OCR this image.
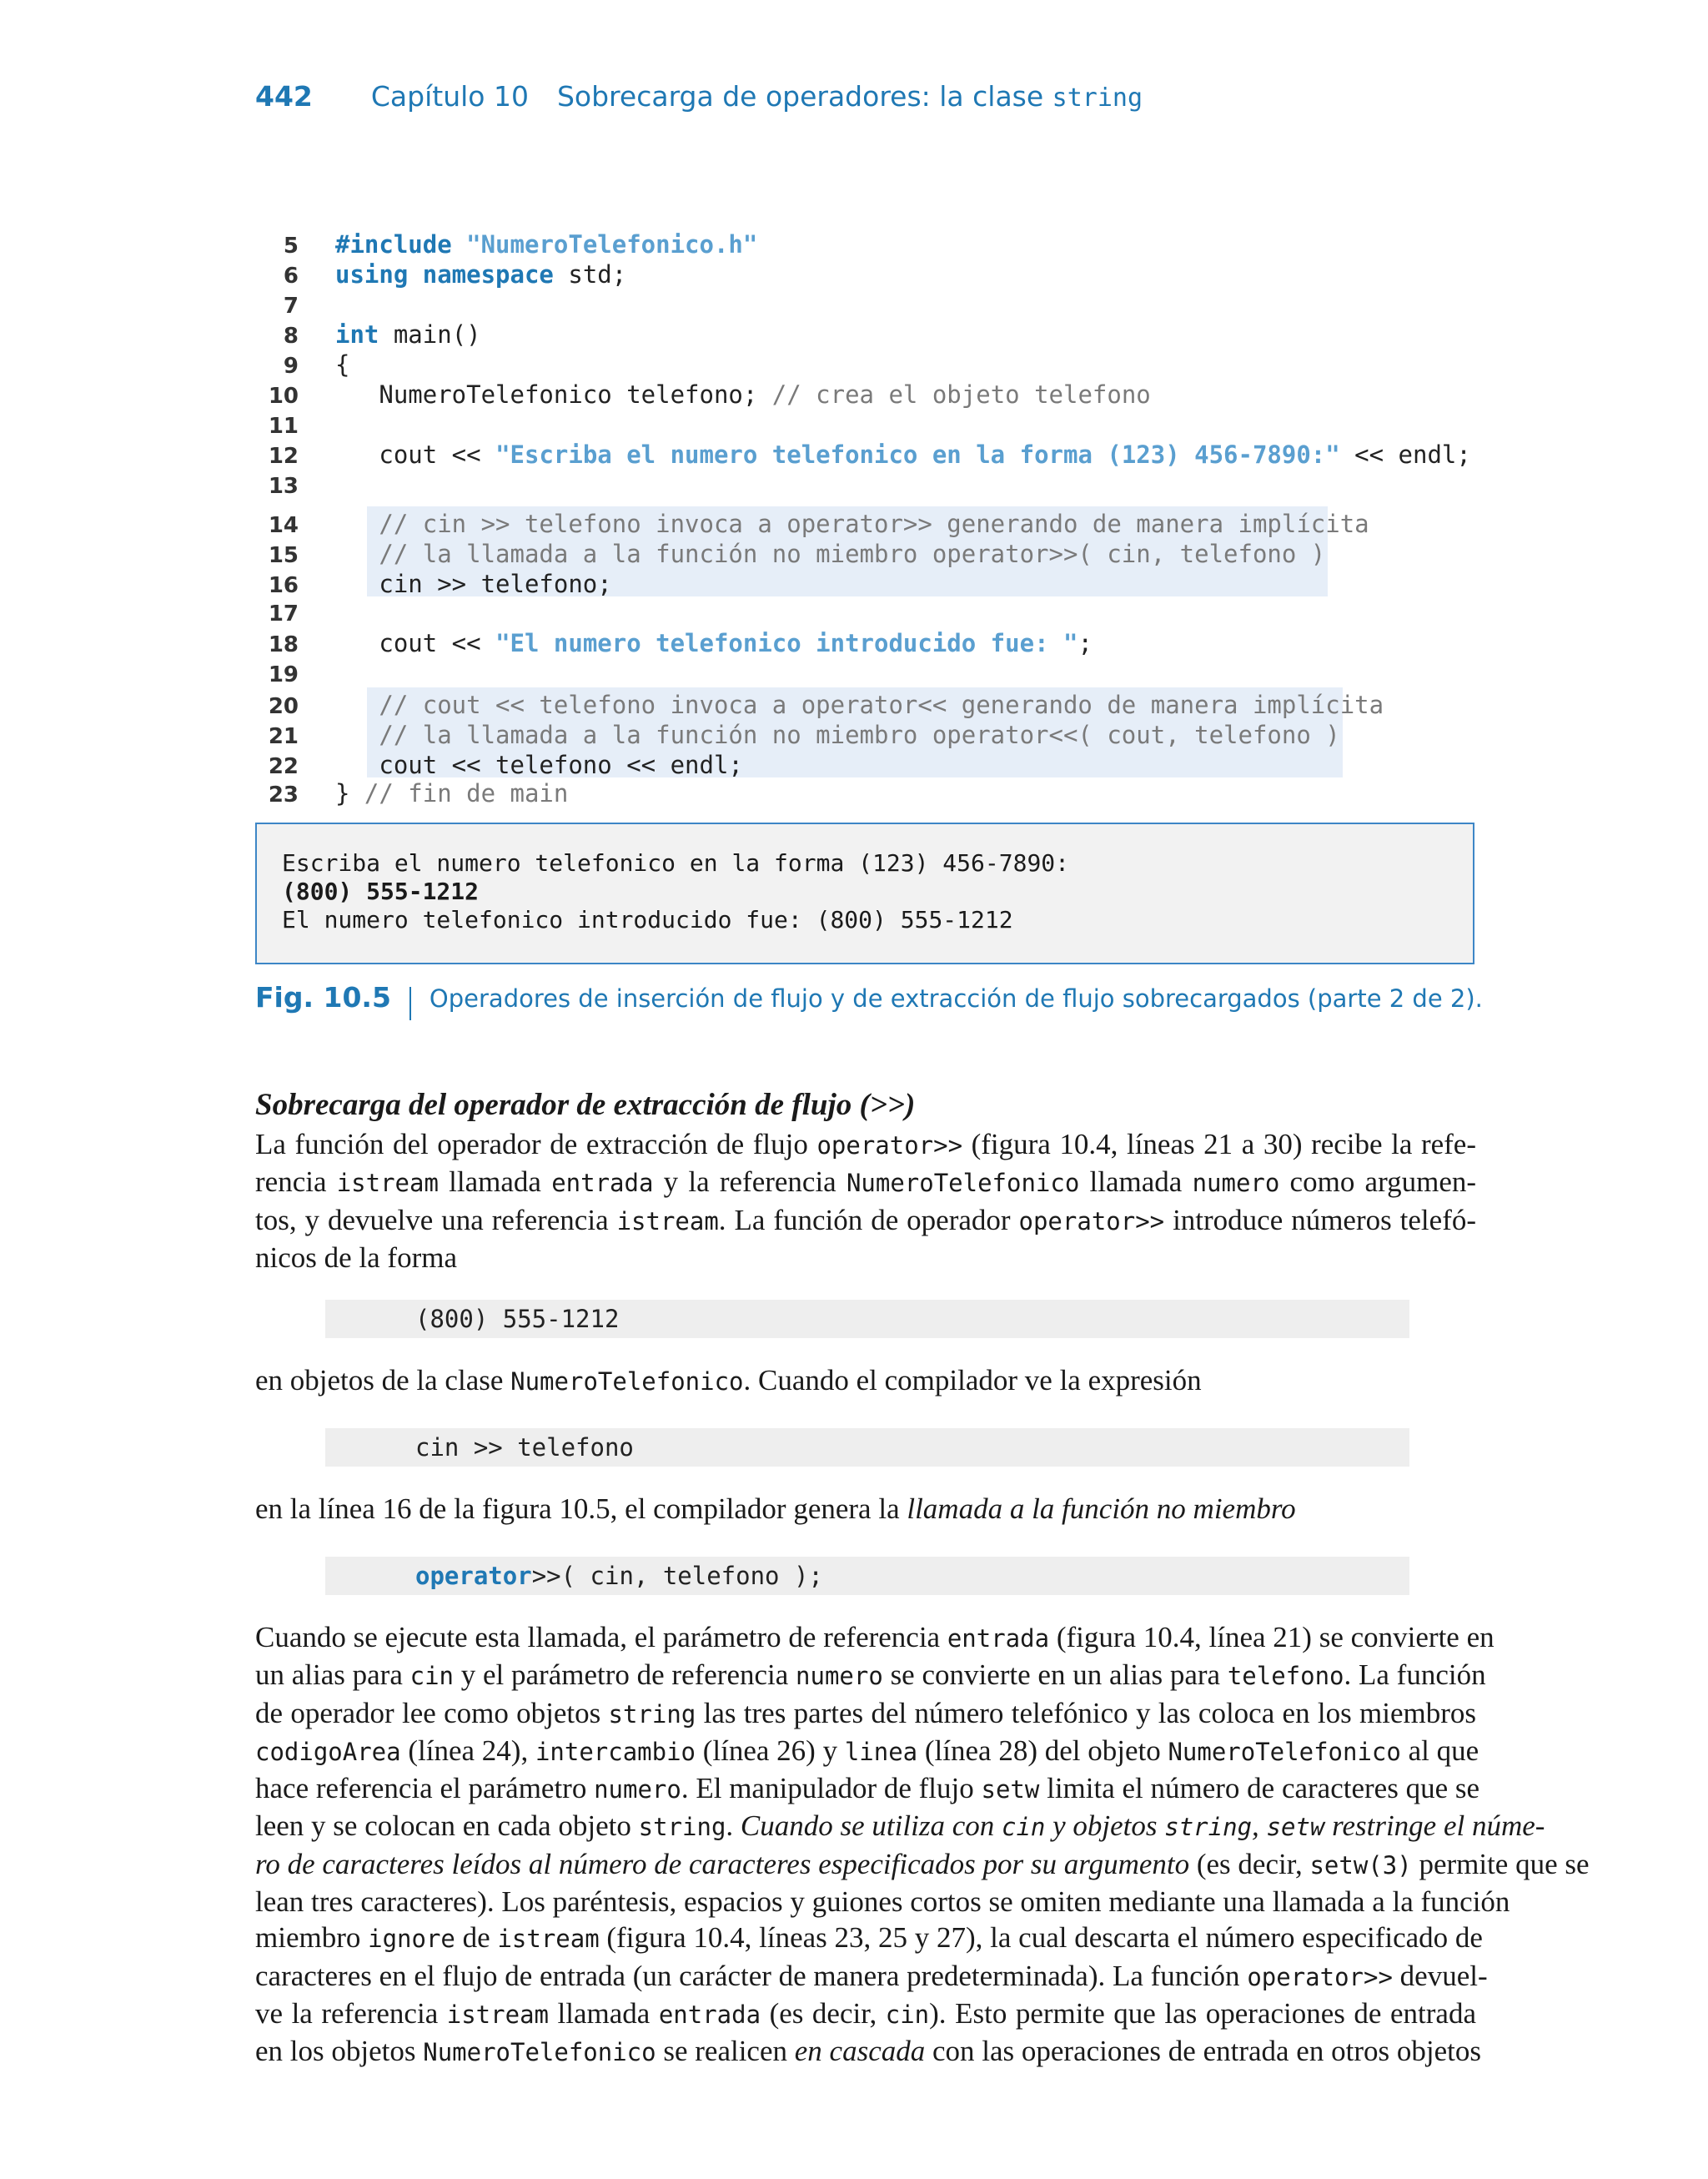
442 Capítulo 10 Sobrecarga de operadores: la clase string
5 #include "NumeroTelefonico.h"
6 using namespace std;
7
8 int main()
9 {
10   NumeroTelefonico telefono; // crea el objeto telefono
11
12   cout << "Escriba el numero telefonico en la forma (123) 456-7890:" << endl;
13
14   // cin >> telefono invoca a operator>> generando de manera implícita
15   // la llamada a la función no miembro operator>>( cin, telefono )
16   cin >> telefono;
17
18   cout << "El numero telefonico introducido fue: ";
19
20   // cout << telefono invoca a operator<< generando de manera implícita
21   // la llamada a la función no miembro operator<<( cout, telefono )
22   cout << telefono << endl;
23 } // fin de main
Escriba el numero telefonico en la forma (123) 456-7890:
(800) 555-1212
El numero telefonico introducido fue: (800) 555-1212
Fig. 10.5 Operadores de inserción de flujo y de extracción de flujo sobrecargados (parte 2 de 2).
Sobrecarga del operador de extracción de flujo (>>)
La función del operador de extracción de flujo operator>> (figura 10.4, líneas 21 a 30) recibe la refe-
rencia istream llamada entrada y la referencia NumeroTelefonico llamada numero como argumen-
tos, y devuelve una referencia istream. La función de operador operator>> introduce números telefó-
nicos de la forma
(800) 555-1212
en objetos de la clase NumeroTelefonico. Cuando el compilador ve la expresión
cin >> telefono
en la línea 16 de la figura 10.5, el compilador genera la llamada a la función no miembro
operator>>( cin, telefono );
Cuando se ejecute esta llamada, el parámetro de referencia entrada (figura 10.4, línea 21) se convierte en
un alias para cin y el parámetro de referencia numero se convierte en un alias para telefono. La función
de operador lee como objetos string las tres partes del número telefónico y las coloca en los miembros
codigoArea (línea 24), intercambio (línea 26) y linea (línea 28) del objeto NumeroTelefonico al que
hace referencia el parámetro numero. El manipulador de flujo setw limita el número de caracteres que se
leen y se colocan en cada objeto string. Cuando se utiliza con cin y objetos string, setw restringe el núme-
ro de caracteres leídos al número de caracteres especificados por su argumento (es decir, setw(3) permite que se
lean tres caracteres). Los paréntesis, espacios y guiones cortos se omiten mediante una llamada a la función
miembro ignore de istream (figura 10.4, líneas 23, 25 y 27), la cual descarta el número especificado de
caracteres en el flujo de entrada (un carácter de manera predeterminada). La función operator>> devuel-
ve la referencia istream llamada entrada (es decir, cin). Esto permite que las operaciones de entrada
en los objetos NumeroTelefonico se realicen en cascada con las operaciones de entrada en otros objetos
